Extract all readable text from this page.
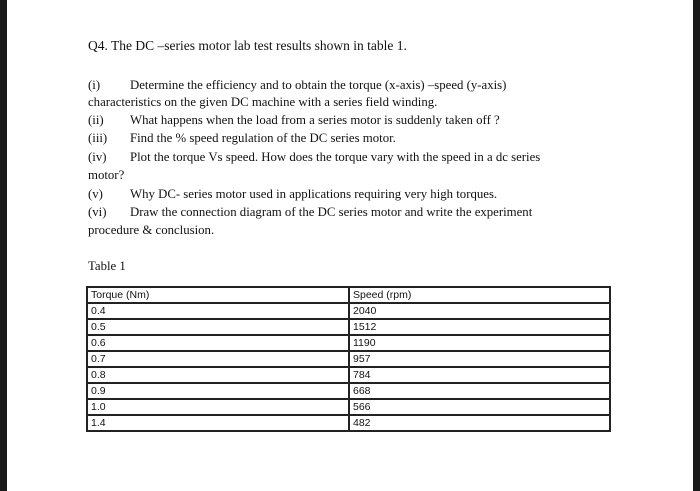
Q4. The DC –series motor lab test results shown in table 1.
(i) Determine the efficiency and to obtain the torque (x-axis) –speed (y-axis)
characteristics on the given DC machine with a series field winding.
(ii) What happens when the load from a series motor is suddenly taken off ?
(iii) Find the % speed regulation of the DC series motor.
(iv) Plot the torque Vs speed. How does the torque vary with the speed in a dc series
motor?
(v) Why DC- series motor used in applications requiring very high torques.
(vi) Draw the connection diagram of the DC series motor and write the experiment
procedure & conclusion.
Table 1
Torque (Nm)	Speed (rpm)
0.4	2040
0.5	1512
0.6	1190
0.7	957
0.8	784
0.9	668
1.0	566
1.4	482
